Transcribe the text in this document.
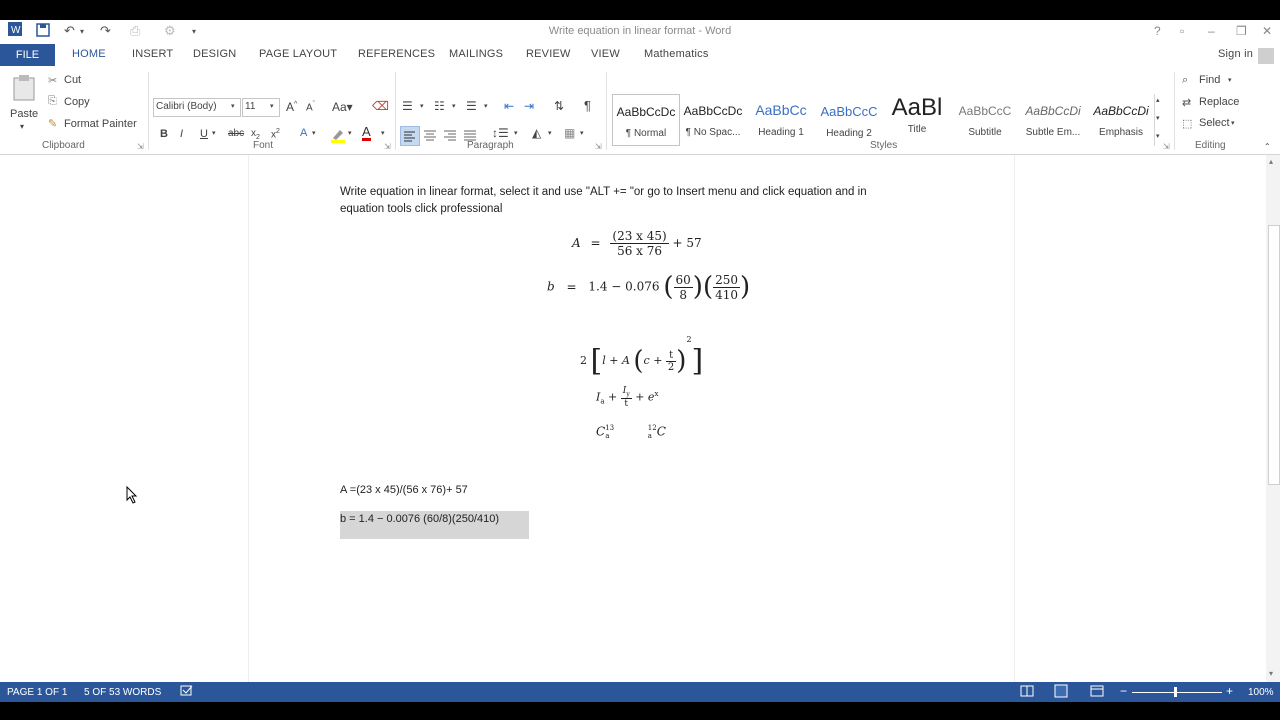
W	↶ ▾ ↷ ⎙ ⚙ ▾	Write equation in linear format - Word	? ▫ – ❐ ✕
FILE	HOME INSERT DESIGN PAGE LAYOUT REFERENCES MAILINGS REVIEW VIEW Mathematics	Sign in
Paste
▾
✂ Cut
⎘ Copy
✎ Format Painter
Clipboard	⇲
Calibri (Body) ▾ 11 ▾ A^ $A^ˇ$ Aa▾ ⌫
B I U ▾ abc $x_2$ $x^2$ A ▾	▾ A ▾
Font	⇲
☰ ▾ ☷ ▾ ☰ ▾ ⇤ ⇥ ⇅ ¶
↕☰ ▾ ◭ ▾ ▦ ▾
Paragraph	⇲
AaBbCcDc
¶ Normal
AaBbCcDc
¶ No Spac...
AaBbCc
Heading 1
AaBbCcC
Heading 2
AaBl
Title
AaBbCcC
Subtitle
AaBbCcDi
Subtle Em...
AaBbCcDi
Emphasis
▴
▾
▾
Styles	⇲
⌕ Find ▾
⇄ Replace
⬚ Select ▾
Editing	⌃
Write equation in linear format, select it and use "ALT += "or go to Insert menu and click equation and in
equation tools click professional
$A = \frac{(23 x 45)}{56 x 76} + 57$
b = 1.4 − 0.076 ( $\frac{60}{8}$ )( $\frac{250}{410}$ )
2 [l + A $(c + \frac{t}{2} )^2$]
$I_a + \frac{I_y}{t} + e^x$
C 13
a

12
a C
A =(23 x 45)/(56 x 76)+ 57
b = 1.4 − 0.0076 (60/8)(250/410)
▴
▾
PAGE 1 OF 1 5 OF 53 WORDS	−	+ 100%
